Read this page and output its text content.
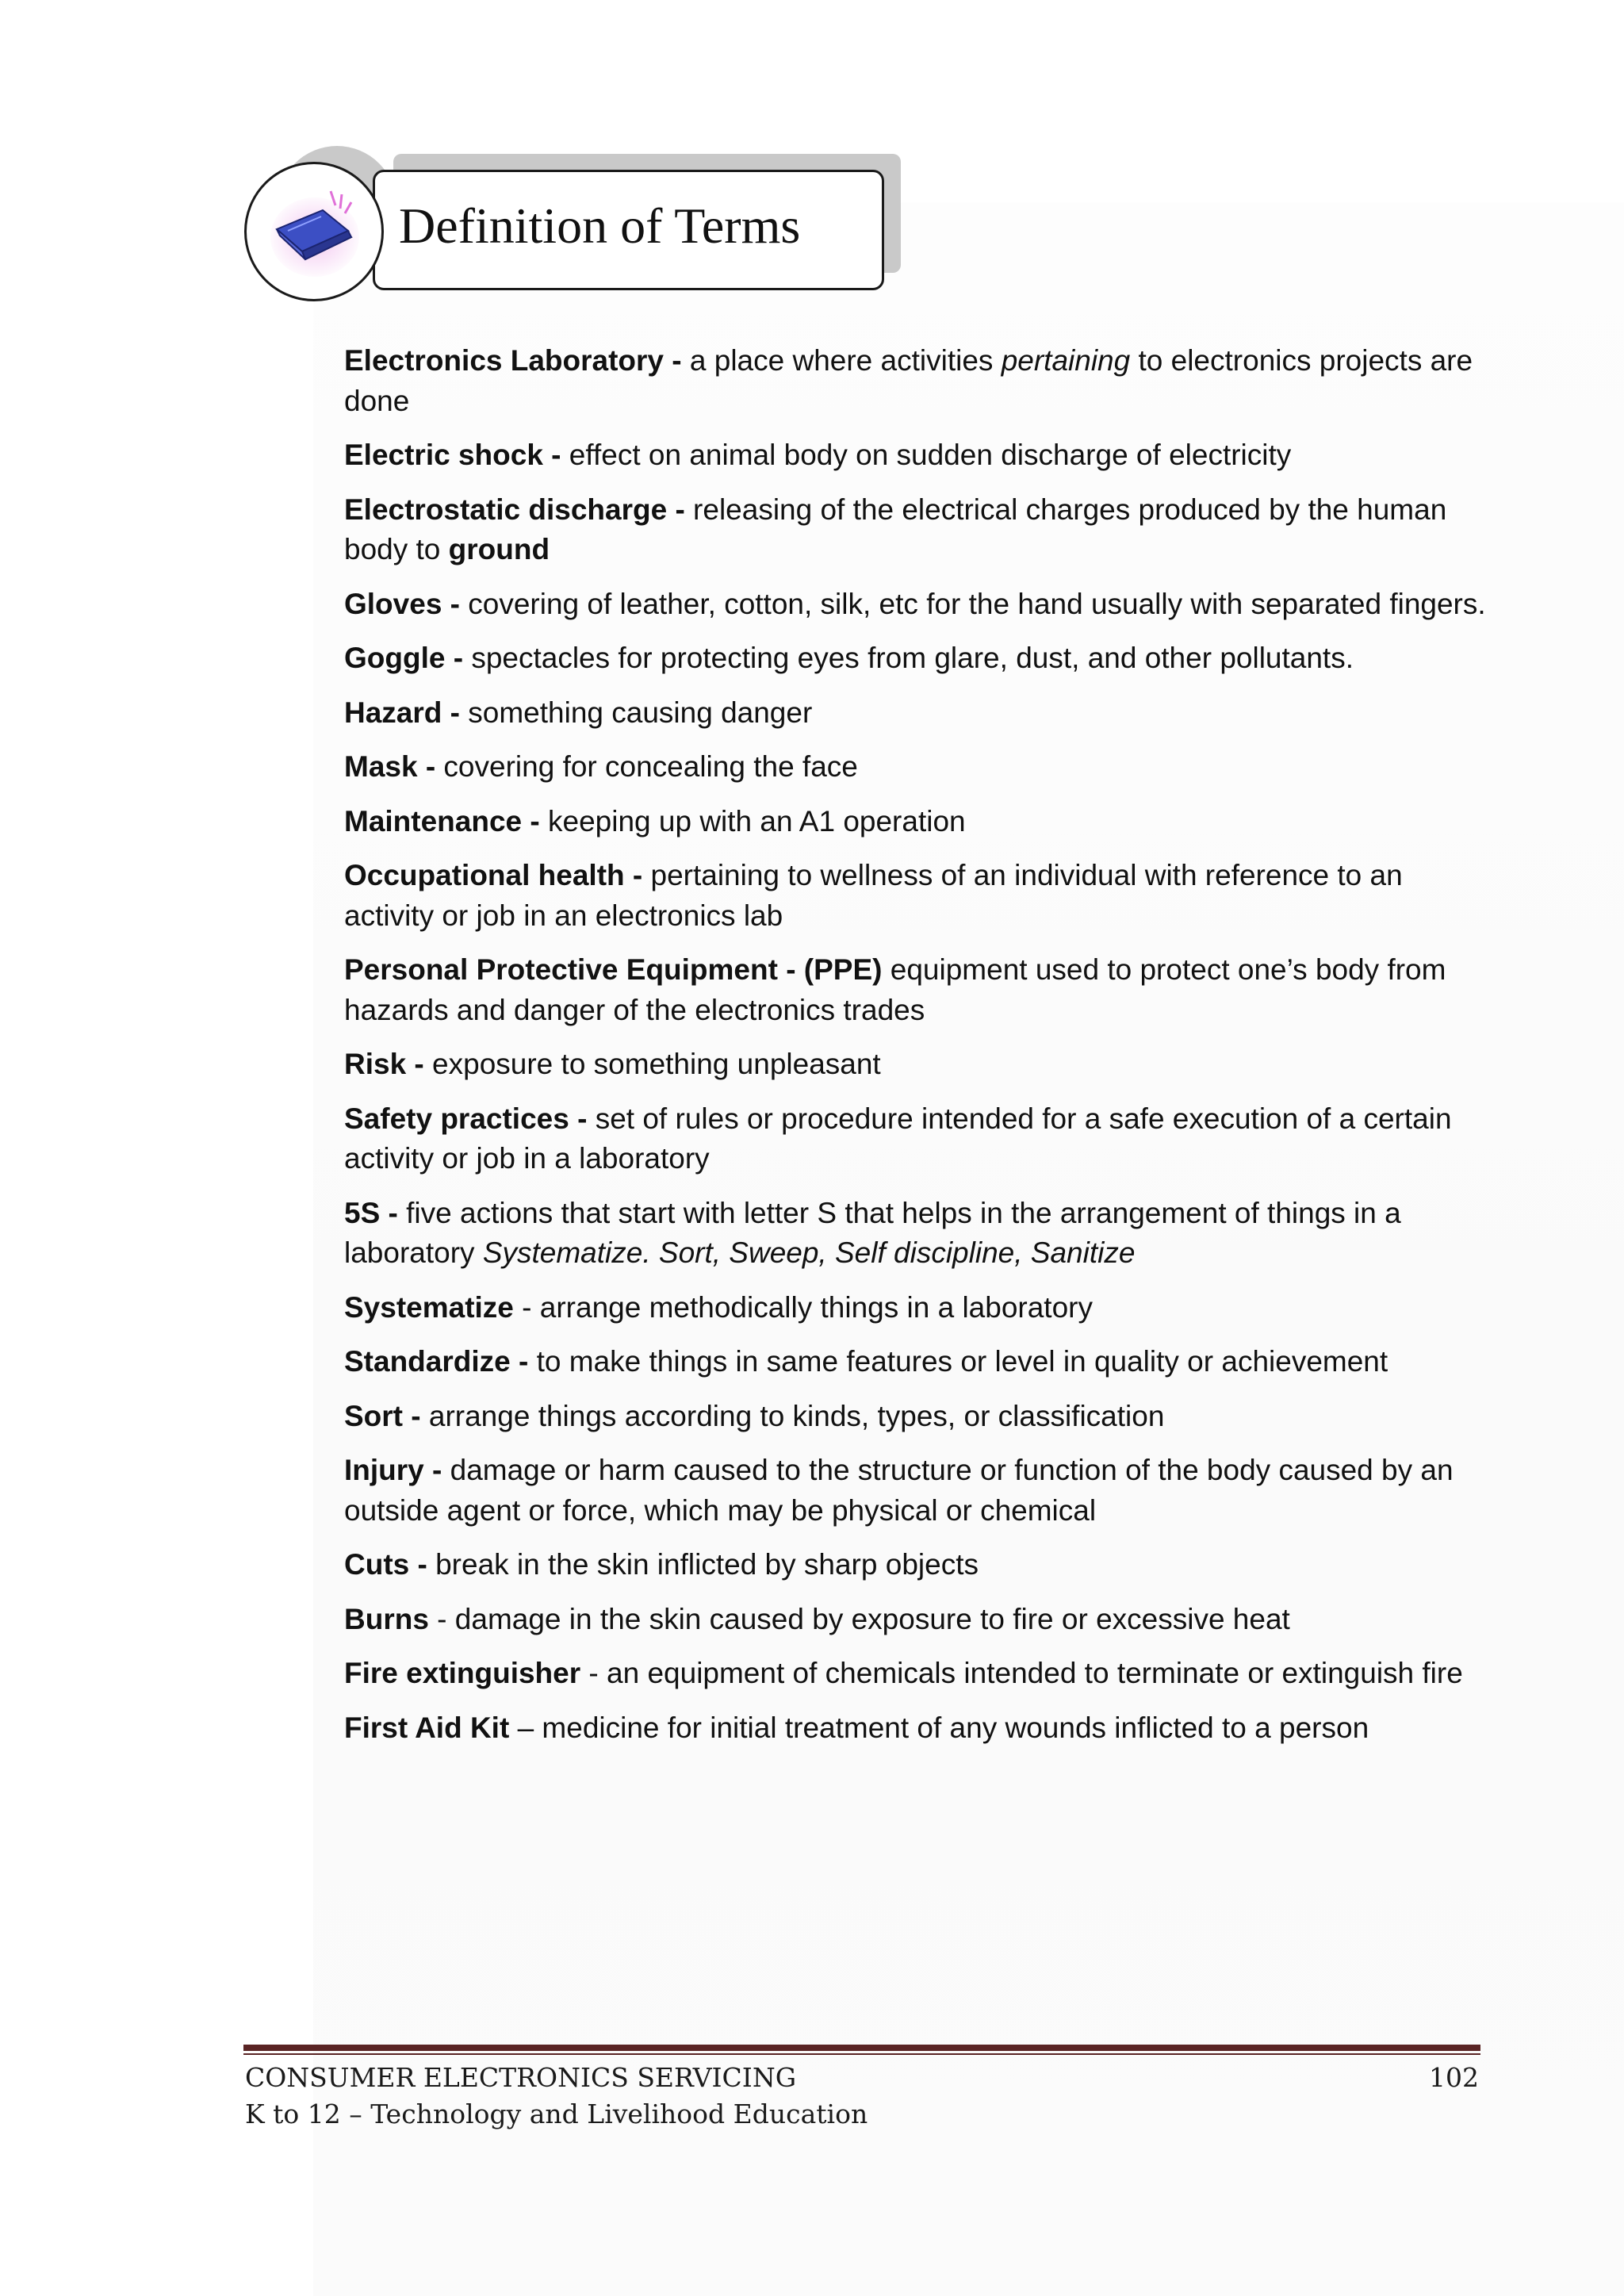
Definition of Terms

Electronics Laboratory - a place where activities pertaining to electronics projects are done

Electric shock - effect on animal body on sudden discharge of electricity

Electrostatic discharge - releasing of the electrical charges produced by the human body to ground

Gloves - covering of leather, cotton, silk, etc for the hand usually with separated fingers.

Goggle - spectacles for protecting eyes from glare, dust, and other pollutants.

Hazard - something causing danger

Mask - covering for concealing the face

Maintenance - keeping up with an A1 operation

Occupational health - pertaining to wellness of an individual with reference to an activity or job in an electronics lab

Personal Protective Equipment - (PPE) equipment used to protect one’s body from hazards and danger of the electronics trades

Risk - exposure to something unpleasant

Safety practices - set of rules or procedure intended for a safe execution of a certain activity or job in a laboratory

5S - five actions that start with letter S that helps in the arrangement of things in a laboratory Systematize. Sort, Sweep, Self discipline, Sanitize

Systematize - arrange methodically things in a laboratory

Standardize - to make things in same features or level in quality or achievement

Sort - arrange things according to kinds, types, or classification

Injury - damage or harm caused to the structure or function of the body caused by an outside agent or force, which may be physical or chemical

Cuts - break in the skin inflicted by sharp objects

Burns - damage in the skin caused by exposure to fire or excessive heat

Fire extinguisher - an equipment of chemicals intended to terminate or extinguish fire

First Aid Kit – medicine for initial treatment of any wounds inflicted to a person

CONSUMER ELECTRONICS SERVICING
K to 12 – Technology and Livelihood Education
102
